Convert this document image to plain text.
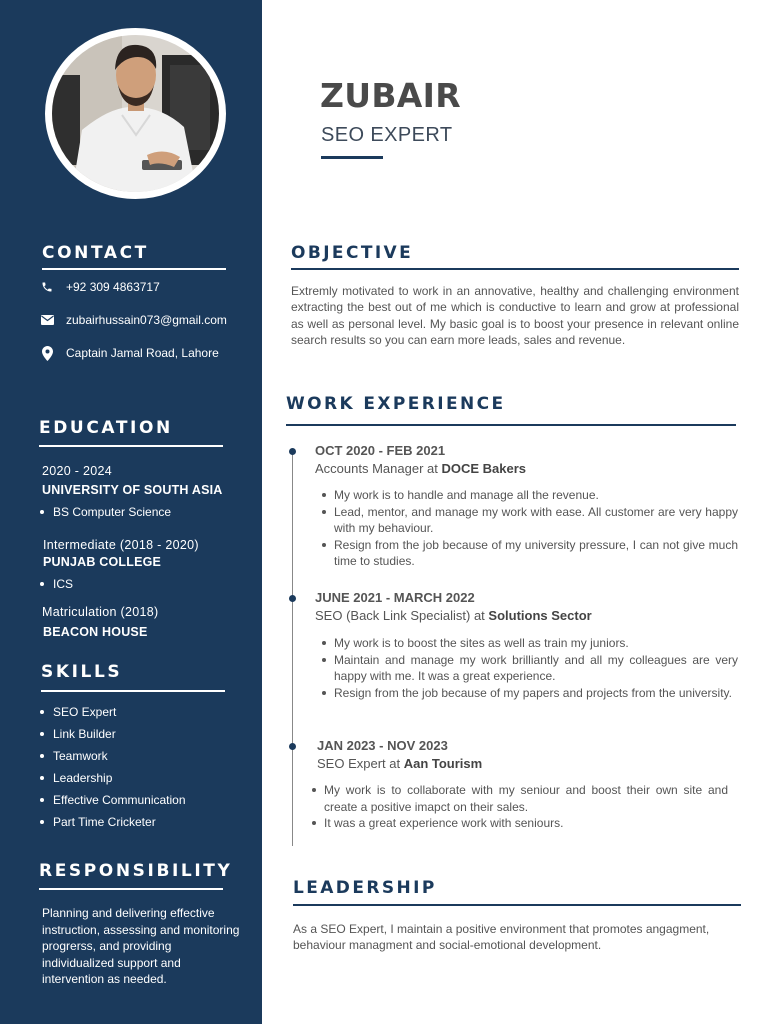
CONTACT
+92 309 4863717
zubairhussain073@gmail.com
Captain Jamal Road, Lahore
EDUCATION
2020 - 2024
UNIVERSITY OF SOUTH ASIA
BS Computer Science
Intermediate (2018 - 2020)
PUNJAB COLLEGE
ICS
Matriculation (2018)
BEACON HOUSE
SKILLS
SEO Expert
Link Builder
Teamwork
Leadership
Effective Communication
Part Time Cricketer
RESPONSIBILITY
Planning and delivering effective instruction, assessing and monitoring progrerss, and providing individualized support and intervention as needed.
ZUBAIR
SEO EXPERT
OBJECTIVE
Extremly motivated to work in an annovative, healthy and challenging environment extracting the best out of me which is conductive to learn and grow at professional as well as personal level. My basic goal is to boost your presence in relevant online search results so you can earn more leads, sales and revenue.
WORK EXPERIENCE
OCT 2020 - FEB 2021
Accounts Manager at DOCE Bakers
My work is to handle and manage all the revenue.
Lead, mentor, and manage my work with ease. All customer are very happy with my behaviour.
Resign from the job because of my university pressure, I can not give much time to studies.
JUNE 2021 - MARCH 2022
SEO (Back Link Specialist) at Solutions Sector
My work is to boost the sites as well as train my juniors.
Maintain and manage my work brilliantly and all my colleagues are very happy with me. It was a great experience.
Resign from the job because of my papers and projects from the university.
JAN 2023 - NOV 2023
SEO Expert at Aan Tourism
My work is to collaborate with my seniour and boost their own site and create a positive imapct on their sales.
It was a great experience work with seniours.
LEADERSHIP
As a SEO Expert, I maintain a positive environment that promotes angagment, behaviour managment and social-emotional development.
